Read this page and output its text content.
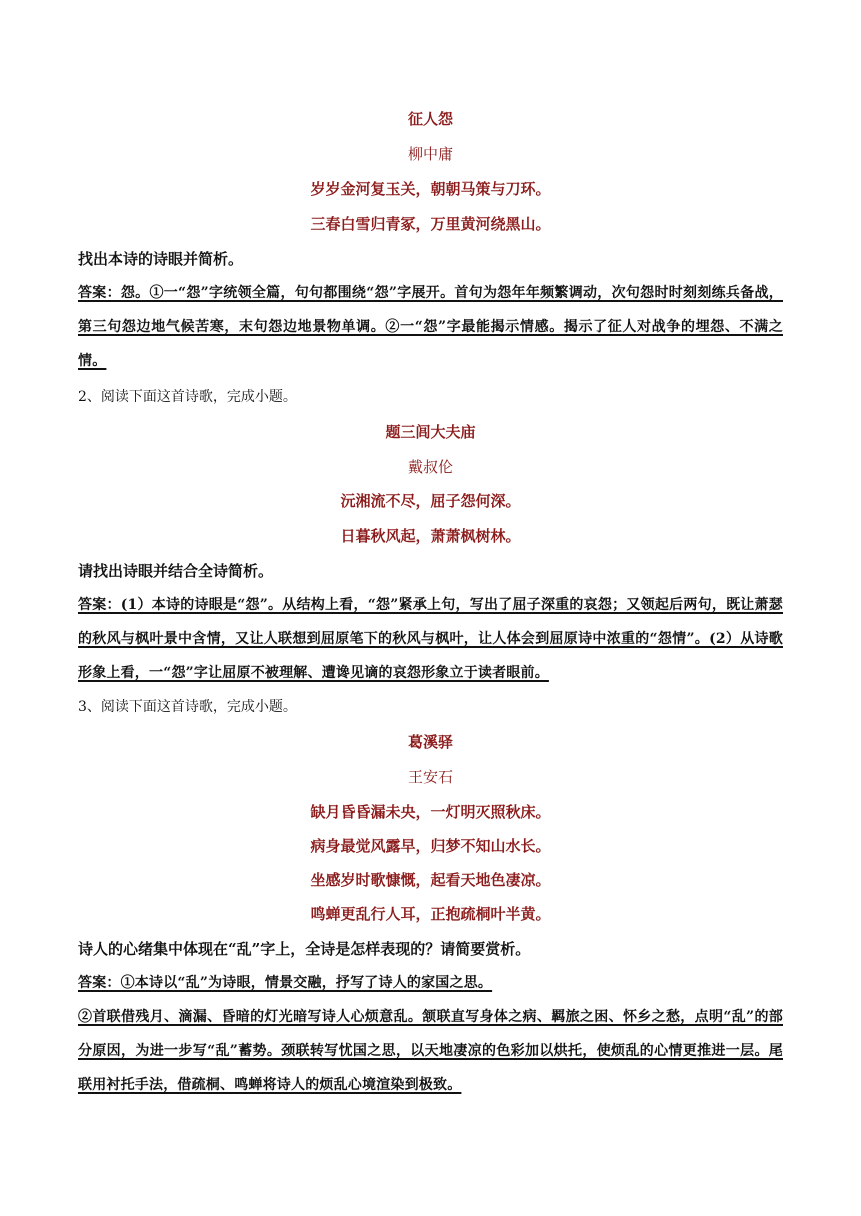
征人怨
柳中庸
岁岁金河复玉关，朝朝马策与刀环。
三春白雪归青冢，万里黄河绕黑山。
找出本诗的诗眼并简析。
答案：怨。①一“怨”字统领全篇，句句都围绕“怨”字展开。首句为怨年年频繁调动，次句怨时时刻刻练兵备战，第三句怨边地气候苦寒，末句怨边地景物单调。②一“怨”字最能揭示情感。揭示了征人对战争的埋怨、不满之情。
2、阅读下面这首诗歌，完成小题。
题三闾大夫庙
戴叔伦
沅湘流不尽，屈子怨何深。
日暮秋风起，萧萧枫树林。
请找出诗眼并结合全诗简析。
答案：(1）本诗的诗眼是“怨”。从结构上看，“怨”紧承上句，写出了屈子深重的哀怨；又领起后两句，既让萧瑟的秋风与枫叶景中含情，又让人联想到屈原笔下的秋风与枫叶，让人体会到屈原诗中浓重的“怨情”。(2）从诗歌形象上看，一“怨”字让屈原不被理解、遭谗见谪的哀怨形象立于读者眼前。
3、阅读下面这首诗歌，完成小题。
葛溪驿
王安石
缺月昏昏漏未央，一灯明灭照秋床。
病身最觉风露早，归梦不知山水长。
坐感岁时歌慷慨，起看天地色凄凉。
鸣蝉更乱行人耳，正抱疏桐叶半黄。
诗人的心绪集中体现在“乱”字上，全诗是怎样表现的？请简要赏析。
答案：①本诗以“乱”为诗眼，情景交融，抒写了诗人的家国之思。
②首联借残月、滴漏、昏暗的灯光暗写诗人心烦意乱。颔联直写身体之病、羁旅之困、怀乡之愁，点明“乱”的部分原因，为进一步写“乱”蓄势。颈联转写忧国之思，以天地凄凉的色彩加以烘托，使烦乱的心情更推进一层。尾联用衬托手法，借疏桐、鸣蝉将诗人的烦乱心境渲染到极致。
